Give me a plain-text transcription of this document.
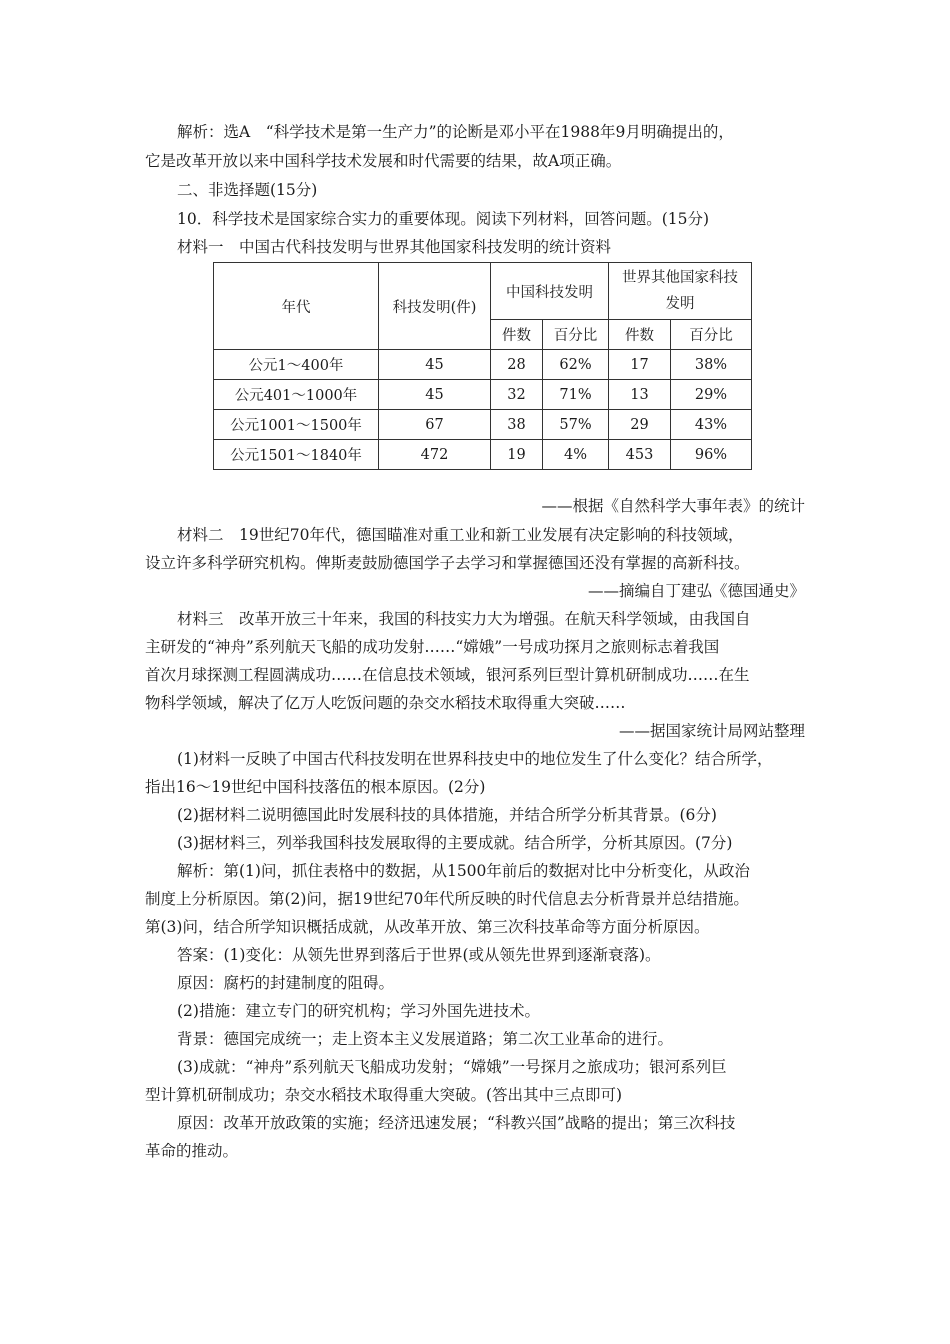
解析：选A　“科学技术是第一生产力”的论断是邓小平在1988年9月明确提出的，
它是改革开放以来中国科学技术发展和时代需要的结果，故A项正确。
二、非选择题(15分)
10．科学技术是国家综合实力的重要体现。阅读下列材料，回答问题。(15分)
材料一　中国古代科技发明与世界其他国家科技发明的统计资料
年代	科技发明(件)	中国科技发明		世界其他国家科技发明	
		件数	百分比	件数	百分比
公元1～400年	45	28	62%	17	38%
公元401～1000年	45	32	71%	13	29%
公元1001～1500年	67	38	57%	29	43%
公元1501～1840年	472	19	4%	453	96%
——根据《自然科学大事年表》的统计
材料二　19世纪70年代，德国瞄准对重工业和新工业发展有决定影响的科技领域，
设立许多科学研究机构。俾斯麦鼓励德国学子去学习和掌握德国还没有掌握的高新科技。
——摘编自丁建弘《德国通史》
材料三　改革开放三十年来，我国的科技实力大为增强。在航天科学领域，由我国自
主研发的“神舟”系列航天飞船的成功发射……“嫦娥”一号成功探月之旅则标志着我国
首次月球探测工程圆满成功……在信息技术领域，银河系列巨型计算机研制成功……在生
物科学领域，解决了亿万人吃饭问题的杂交水稻技术取得重大突破……
——据国家统计局网站整理
(1)材料一反映了中国古代科技发明在世界科技史中的地位发生了什么变化？结合所学，
指出16～19世纪中国科技落伍的根本原因。(2分)
(2)据材料二说明德国此时发展科技的具体措施，并结合所学分析其背景。(6分)
(3)据材料三，列举我国科技发展取得的主要成就。结合所学，分析其原因。(7分)
解析：第(1)问，抓住表格中的数据，从1500年前后的数据对比中分析变化，从政治
制度上分析原因。第(2)问，据19世纪70年代所反映的时代信息去分析背景并总结措施。
第(3)问，结合所学知识概括成就，从改革开放、第三次科技革命等方面分析原因。
答案：(1)变化：从领先世界到落后于世界(或从领先世界到逐渐衰落)。
原因：腐朽的封建制度的阻碍。
(2)措施：建立专门的研究机构；学习外国先进技术。
背景：德国完成统一；走上资本主义发展道路；第二次工业革命的进行。
(3)成就：“神舟”系列航天飞船成功发射；“嫦娥”一号探月之旅成功；银河系列巨
型计算机研制成功；杂交水稻技术取得重大突破。(答出其中三点即可)
原因：改革开放政策的实施；经济迅速发展；“科教兴国”战略的提出；第三次科技
革命的推动。
